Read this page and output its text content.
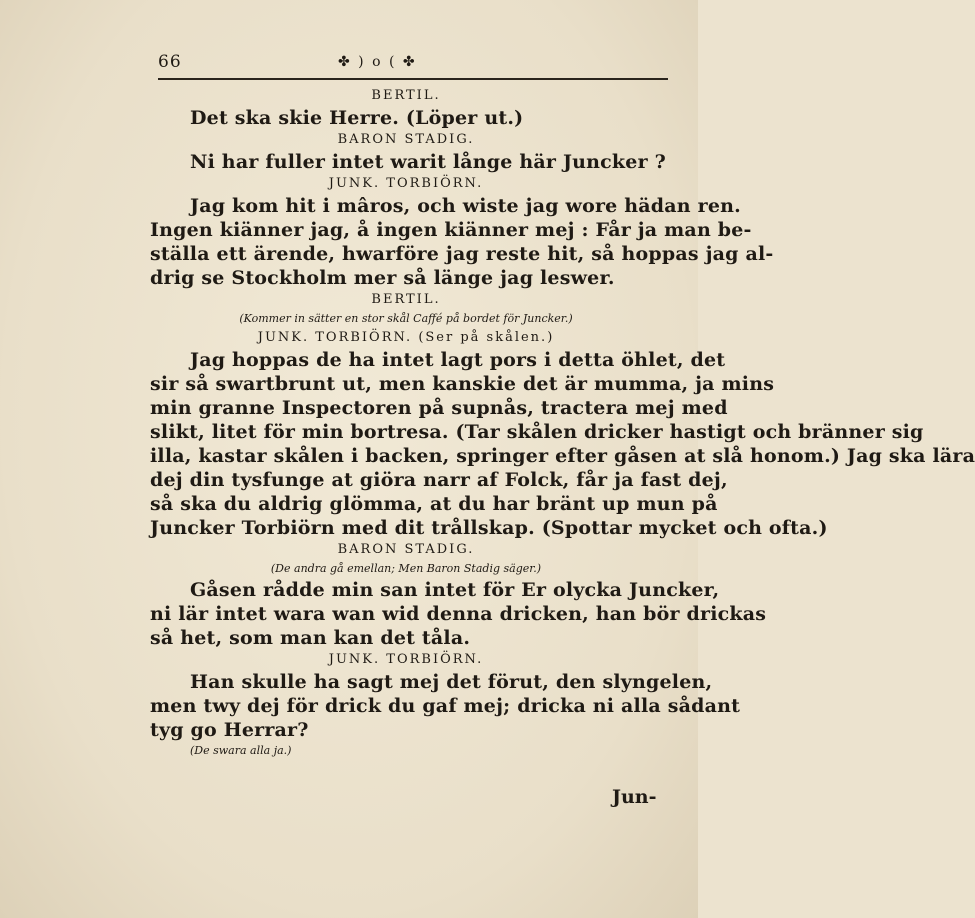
66	✤ ) o ( ✤
BERTIL.
Det ska skie Herre. (Löper ut.)
BARON STADIG.
Ni har fuller intet warit långe här Juncker ?
JUNK. TORBIÖRN.
Jag kom hit i mâros, och wiste jag wore hädan ren.
Ingen kiänner jag, å ingen kiänner mej : Får ja man be-
ställa ett ärende, hwarföre jag reste hit, så hoppas jag al-
drig se Stockholm mer så länge jag leswer.
BERTIL.
(Kommer in sätter en stor skål Caffé på bordet för Juncker.)
JUNK. TORBIÖRN. (Ser på skålen.)
Jag hoppas de ha intet lagt pors i detta öhlet, det
sir så swartbrunt ut, men kanskie det är mumma, ja mins
min granne Inspectoren på supnås, tractera mej med
slikt, litet för min bortresa. (Tar skålen dricker hastigt och bränner sig
illa, kastar skålen i backen, springer efter gåsen at slå honom.) Jag ska lära
dej din tysfunge at giöra narr af Folck, får ja fast dej,
så ska du aldrig glömma, at du har bränt up mun på
Juncker Torbiörn med dit trållskap. (Spottar mycket och ofta.)
BARON STADIG.
(De andra gå emellan; Men Baron Stadig säger.)
Gåsen rådde min san intet för Er olycka Juncker,
ni lär intet wara wan wid denna dricken, han bör drickas
så het, som man kan det tåla.
JUNK. TORBIÖRN.
Han skulle ha sagt mej det förut, den slyngelen,
men twy dej för drick du gaf mej; dricka ni alla sådant
tyg go Herrar?
(De swara alla ja.)
Jun-
